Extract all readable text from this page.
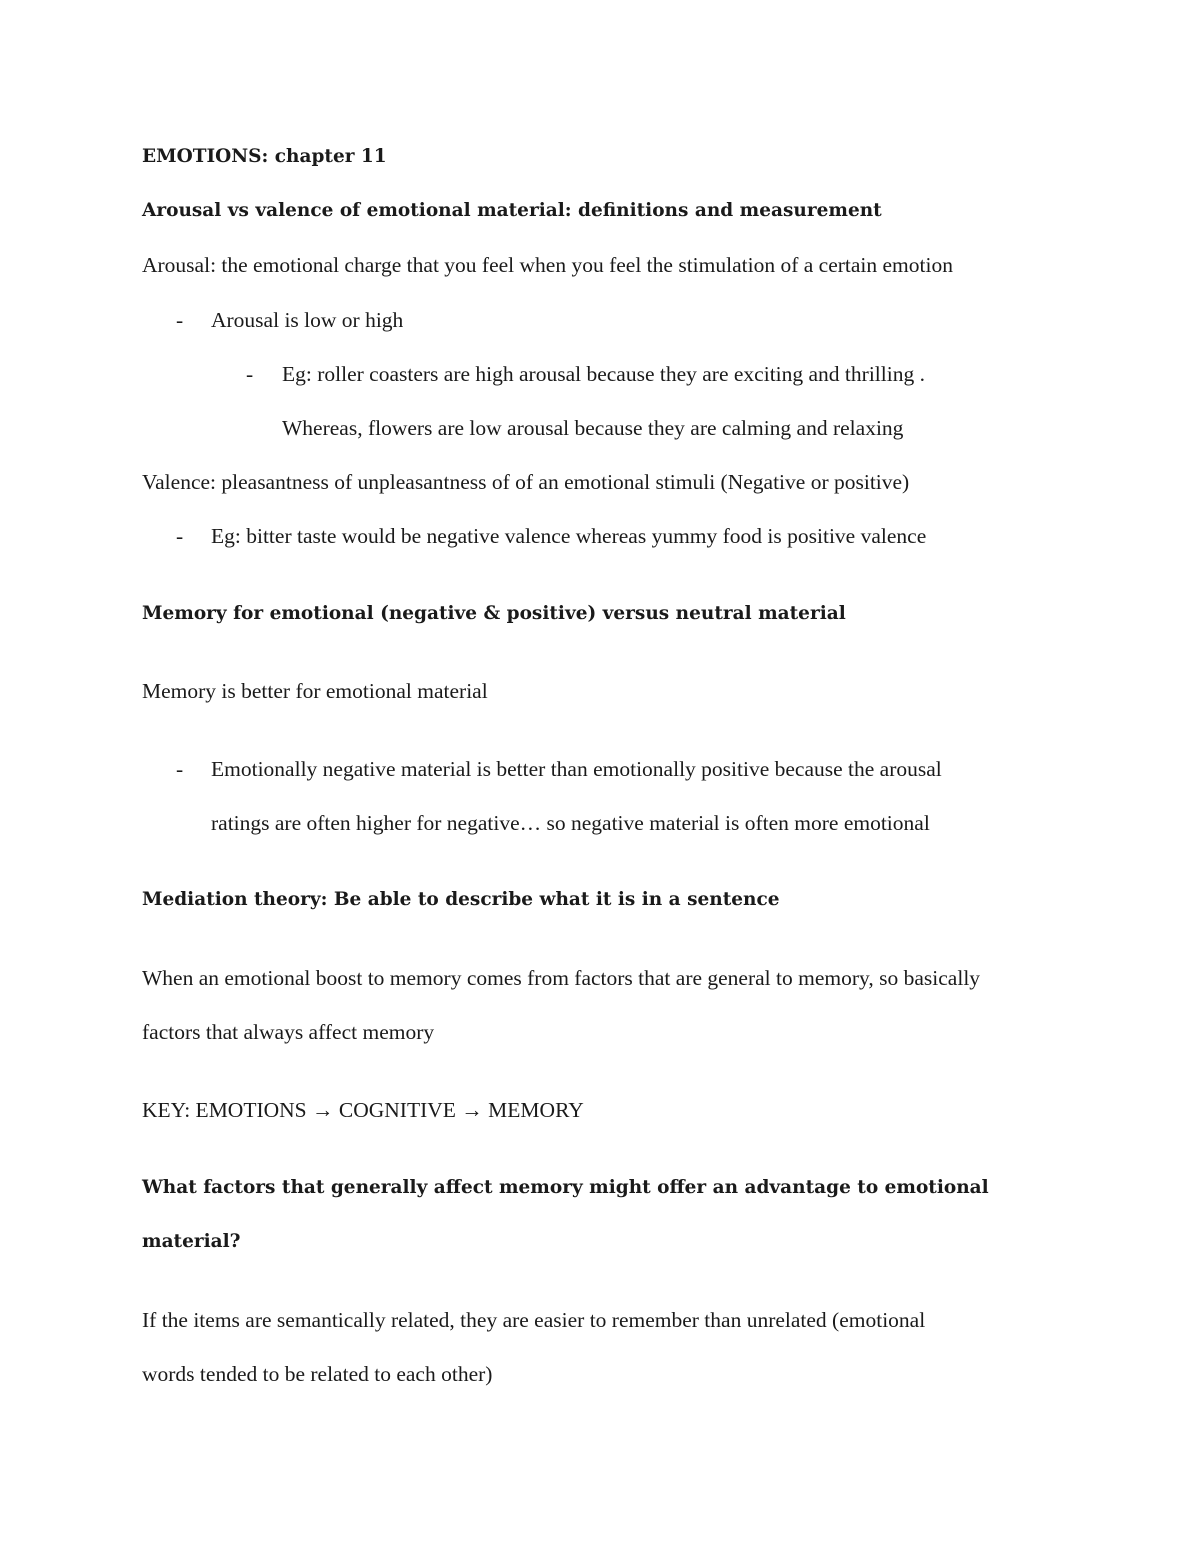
EMOTIONS: chapter 11
Arousal vs valence of emotional material: definitions and measurement
Arousal: the emotional charge that you feel when you feel the stimulation of a certain emotion
- Arousal is low or high
- Eg: roller coasters are high arousal because they are exciting and thrilling .
Whereas, flowers are low arousal because they are calming and relaxing
Valence: pleasantness of unpleasantness of of an emotional stimuli (Negative or positive)
- Eg: bitter taste would be negative valence whereas yummy food is positive valence
Memory for emotional (negative & positive) versus neutral material
Memory is better for emotional material
- Emotionally negative material is better than emotionally positive because the arousal
ratings are often higher for negative… so negative material is often more emotional
Mediation theory: Be able to describe what it is in a sentence
When an emotional boost to memory comes from factors that are general to memory, so basically
factors that always affect memory
KEY: EMOTIONS → COGNITIVE → MEMORY
What factors that generally affect memory might offer an advantage to emotional
material?
If the items are semantically related, they are easier to remember than unrelated (emotional
words tended to be related to each other)
